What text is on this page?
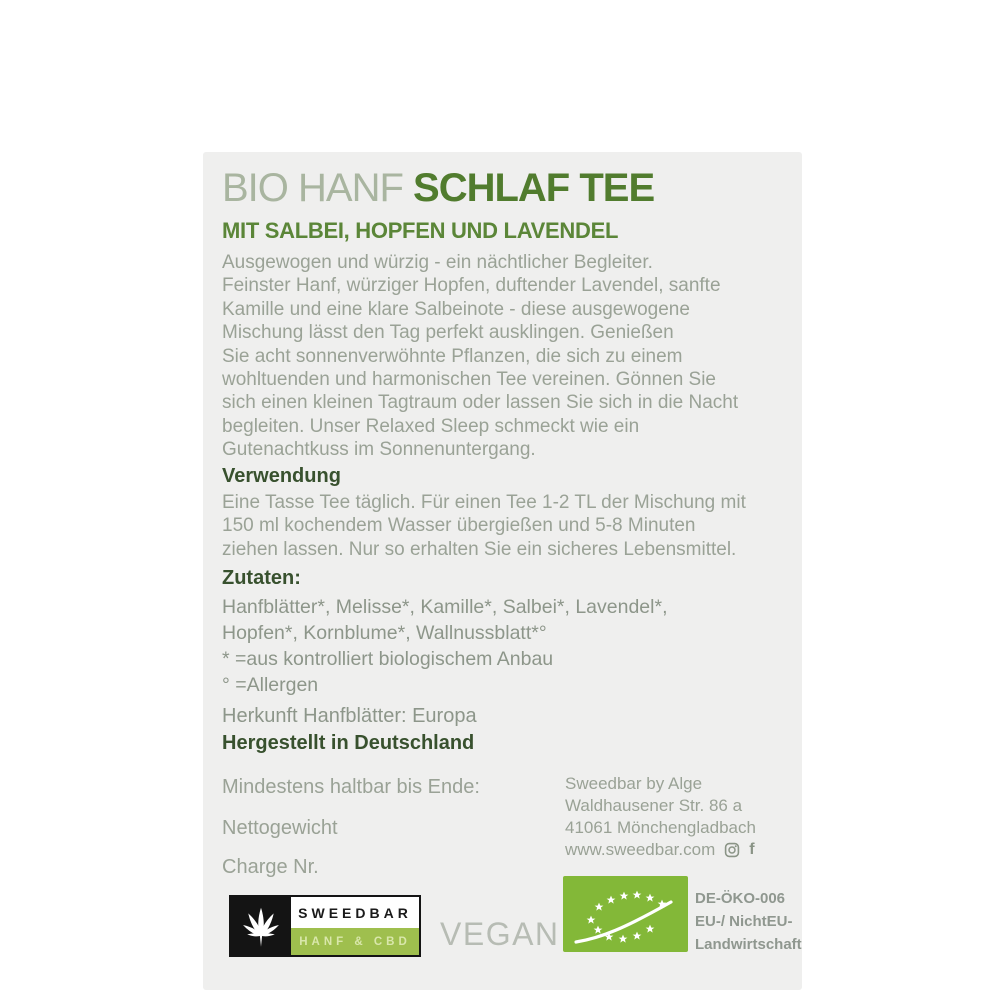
BIO HANF SCHLAF TEE
MIT SALBEI, HOPFEN UND LAVENDEL
Ausgewogen und würzig - ein nächtlicher Begleiter.
Feinster Hanf, würziger Hopfen, duftender Lavendel, sanfte
Kamille und eine klare Salbeinote - diese ausgewogene
Mischung lässt den Tag perfekt ausklingen. Genießen
Sie acht sonnenverwöhnte Pflanzen, die sich zu einem
wohltuenden und harmonischen Tee vereinen. Gönnen Sie
sich einen kleinen Tagtraum oder lassen Sie sich in die Nacht
begleiten. Unser Relaxed Sleep schmeckt wie ein
Gutenachtkuss im Sonnenuntergang.
Verwendung
Eine Tasse Tee täglich. Für einen Tee 1-2 TL der Mischung mit
150 ml kochendem Wasser übergießen und 5-8 Minuten
ziehen lassen. Nur so erhalten Sie ein sicheres Lebensmittel.
Zutaten:
Hanfblätter*, Melisse*, Kamille*, Salbei*, Lavendel*,
Hopfen*, Kornblume*, Wallnussblatt*°
* =aus kontrolliert biologischem Anbau
° =Allergen
Herkunft Hanfblätter: Europa
Hergestellt in Deutschland
Mindestens haltbar bis Ende:
Nettogewicht
Charge Nr.
Sweedbar by Alge
Waldhausener Str. 86 a
41061 Mönchengladbach
www.sweedbar.com f
SWEEDBAR
HANF & CBD VEGAN
DE-ÖKO-006
EU-/ NichtEU-
Landwirtschaft
